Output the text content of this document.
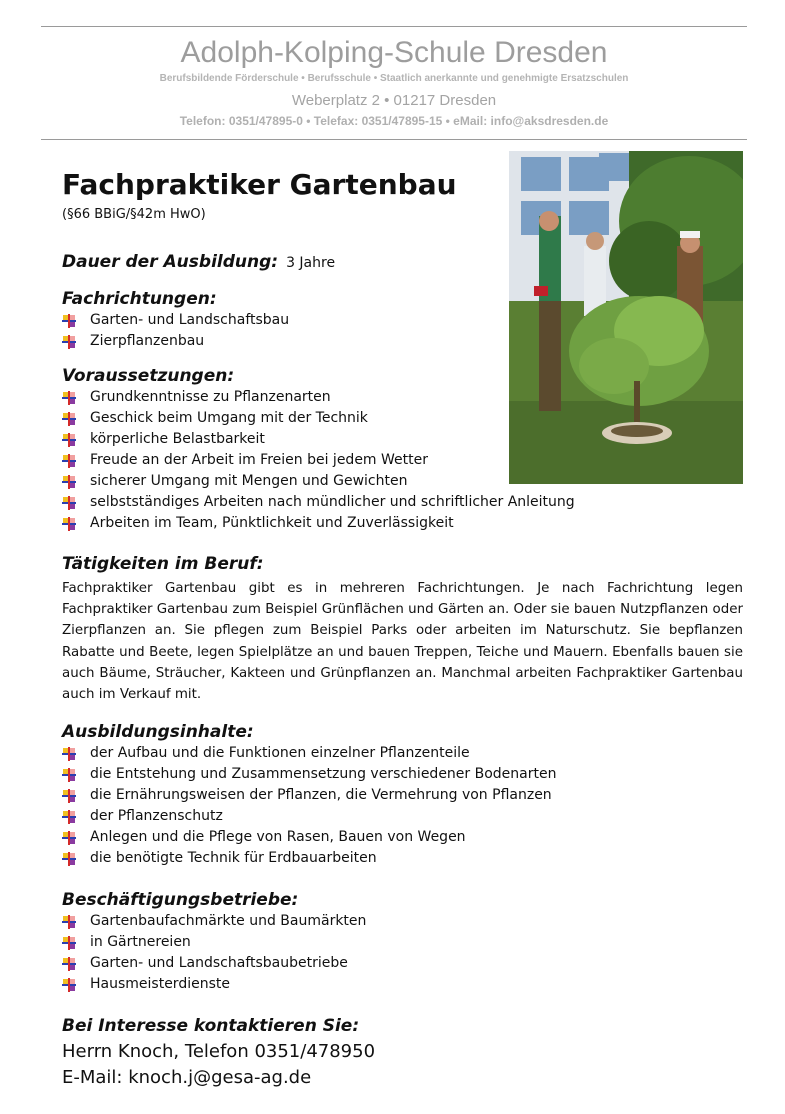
Adolph-Kolping-Schule Dresden
Berufsbildende Förderschule • Berufsschule • Staatlich anerkannte und genehmigte Ersatzschulen
Weberplatz 2 • 01217 Dresden
Telefon: 0351/47895-0 • Telefax: 0351/47895-15 • eMail: info@aksdresden.de
Fachpraktiker Gartenbau
(§66 BBiG/§42m HwO)
Dauer der Ausbildung: 3 Jahre
Fachrichtungen:
Garten- und Landschaftsbau
Zierpflanzenbau
Voraussetzungen:
Grundkenntnisse zu Pflanzenarten
Geschick beim Umgang mit der Technik
körperliche Belastbarkeit
Freude an der Arbeit im Freien bei jedem Wetter
sicherer Umgang mit Mengen und Gewichten
selbstständiges Arbeiten nach mündlicher und schriftlicher Anleitung
Arbeiten im Team, Pünktlichkeit und Zuverlässigkeit
Tätigkeiten im Beruf:

Fachpraktiker Gartenbau gibt es in mehreren Fachrichtungen. Je nach Fachrichtung legen Fachpraktiker Gartenbau zum Beispiel Grünflächen und Gärten an. Oder sie bauen Nutzpflanzen oder Zierpflanzen an. Sie pflegen zum Beispiel Parks oder arbeiten im Naturschutz. Sie bepflanzen Rabatte und Beete, legen Spielplätze an und bauen Treppen, Teiche und Mauern. Ebenfalls bauen sie auch Bäume, Sträucher, Kakteen und Grünpflanzen an. Manchmal arbeiten Fachpraktiker Gartenbau auch im Verkauf mit.

Ausbildungsinhalte:
der Aufbau und die Funktionen einzelner Pflanzenteile
die Entstehung und Zusammensetzung verschiedener Bodenarten
die Ernährungsweisen der Pflanzen, die Vermehrung von Pflanzen
der Pflanzenschutz
Anlegen und die Pflege von Rasen, Bauen von Wegen
die benötigte Technik für Erdbauarbeiten
Beschäftigungsbetriebe:
Gartenbaufachmärkte und Baumärkten
in Gärtnereien
Garten- und Landschaftsbaubetriebe
Hausmeisterdienste
Bei Interesse kontaktieren Sie:
Herrn Knoch, Telefon 0351/478950
E-Mail: knoch.j@gesa-ag.de
